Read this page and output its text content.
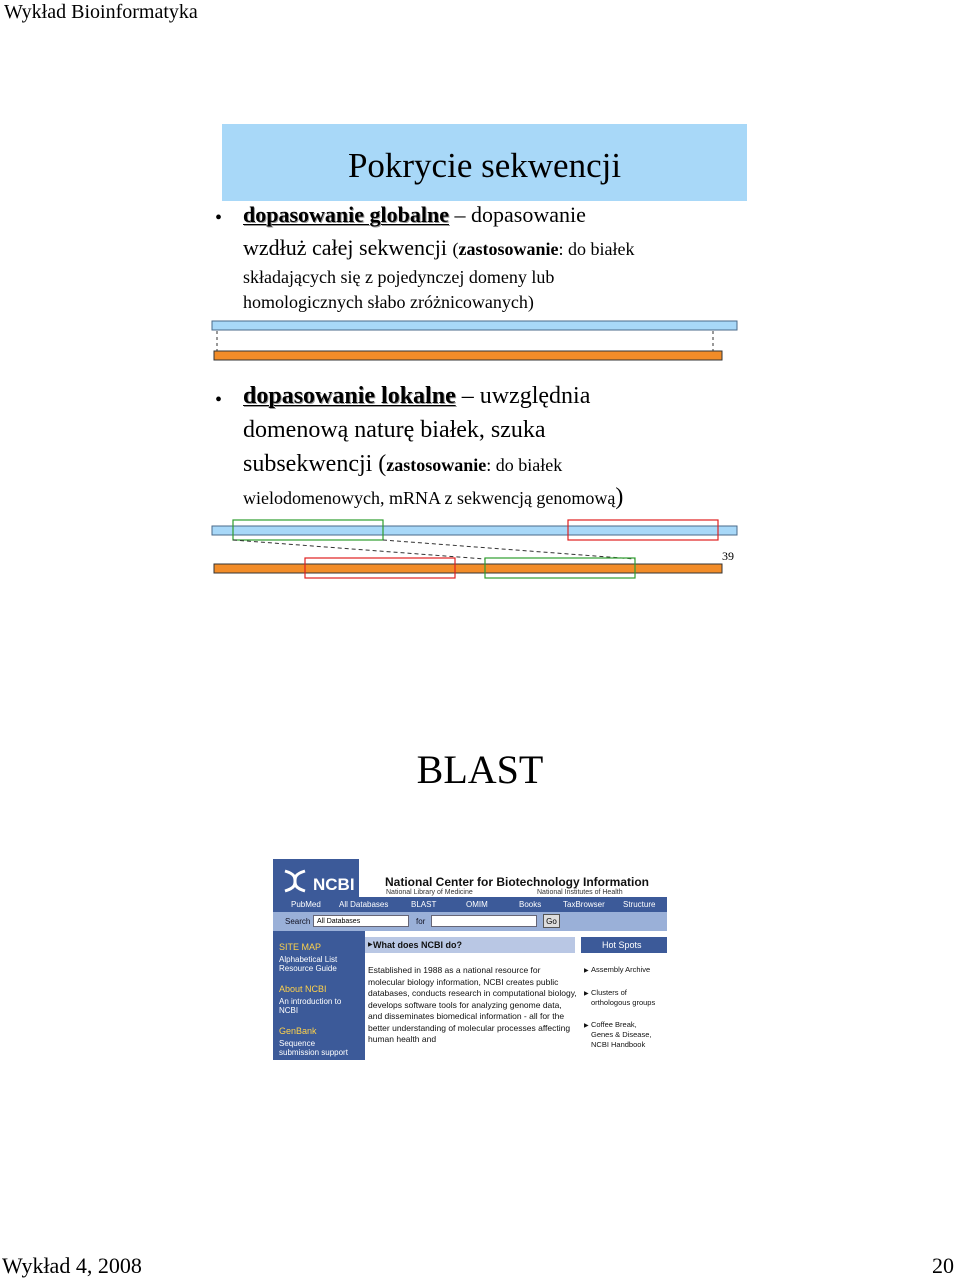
Wykład Bioinformatyka
Pokrycie sekwencji
• dopasowanie globalne – dopasowanie
wzdłuż całej sekwencji (zastosowanie: do białek
składających się z pojedynczej domeny lub
homologicznych słabo zróżnicowanych)
• dopasowanie lokalne – uwzględnia
domenową naturę białek, szuka
subsekwencji (zastosowanie: do białek
wielodomenowych, mRNA z sekwencją genomową)
39
BLAST
NCBI	National Center for Biotechnology Information
National Library of Medicine	National Institutes of Health
PubMed All Databases	BLAST	OMIM	Books	TaxBrowser Structure
Search All Databases	for	Go
SITE MAP
Alphabetical List
Resource Guide
About NCBI
An introduction to
NCBI
GenBank
Sequence
submission support
▶ What does NCBI do?	Hot Spots
Established in 1988 as a national resource for molecular biology information, NCBI creates public databases, conducts research in computational biology, develops software tools for analyzing genome data, and disseminates biomedical information - all for the better understanding of molecular processes affecting human health and
▶ Assembly Archive
▶ Clusters of
orthologous groups
▶ Coffee Break,
Genes & Disease,
NCBI Handbook
Wykład 4, 2008	20
